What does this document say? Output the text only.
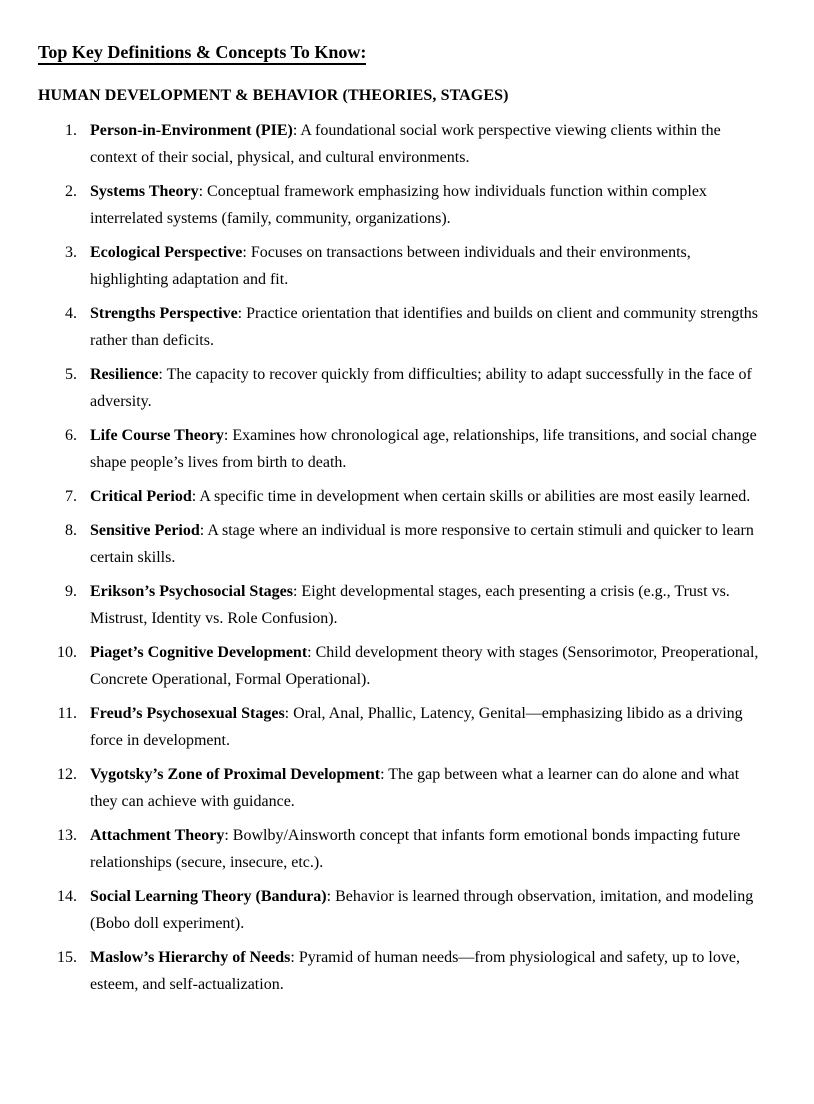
Top Key Definitions & Concepts To Know:
HUMAN DEVELOPMENT & BEHAVIOR (THEORIES, STAGES)
1. Person-in-Environment (PIE): A foundational social work perspective viewing clients within the context of their social, physical, and cultural environments.
2. Systems Theory: Conceptual framework emphasizing how individuals function within complex interrelated systems (family, community, organizations).
3. Ecological Perspective: Focuses on transactions between individuals and their environments, highlighting adaptation and fit.
4. Strengths Perspective: Practice orientation that identifies and builds on client and community strengths rather than deficits.
5. Resilience: The capacity to recover quickly from difficulties; ability to adapt successfully in the face of adversity.
6. Life Course Theory: Examines how chronological age, relationships, life transitions, and social change shape people’s lives from birth to death.
7. Critical Period: A specific time in development when certain skills or abilities are most easily learned.
8. Sensitive Period: A stage where an individual is more responsive to certain stimuli and quicker to learn certain skills.
9. Erikson’s Psychosocial Stages: Eight developmental stages, each presenting a crisis (e.g., Trust vs. Mistrust, Identity vs. Role Confusion).
10. Piaget’s Cognitive Development: Child development theory with stages (Sensorimotor, Preoperational, Concrete Operational, Formal Operational).
11. Freud’s Psychosexual Stages: Oral, Anal, Phallic, Latency, Genital—emphasizing libido as a driving force in development.
12. Vygotsky’s Zone of Proximal Development: The gap between what a learner can do alone and what they can achieve with guidance.
13. Attachment Theory: Bowlby/Ainsworth concept that infants form emotional bonds impacting future relationships (secure, insecure, etc.).
14. Social Learning Theory (Bandura): Behavior is learned through observation, imitation, and modeling (Bobo doll experiment).
15. Maslow’s Hierarchy of Needs: Pyramid of human needs—from physiological and safety, up to love, esteem, and self-actualization.
